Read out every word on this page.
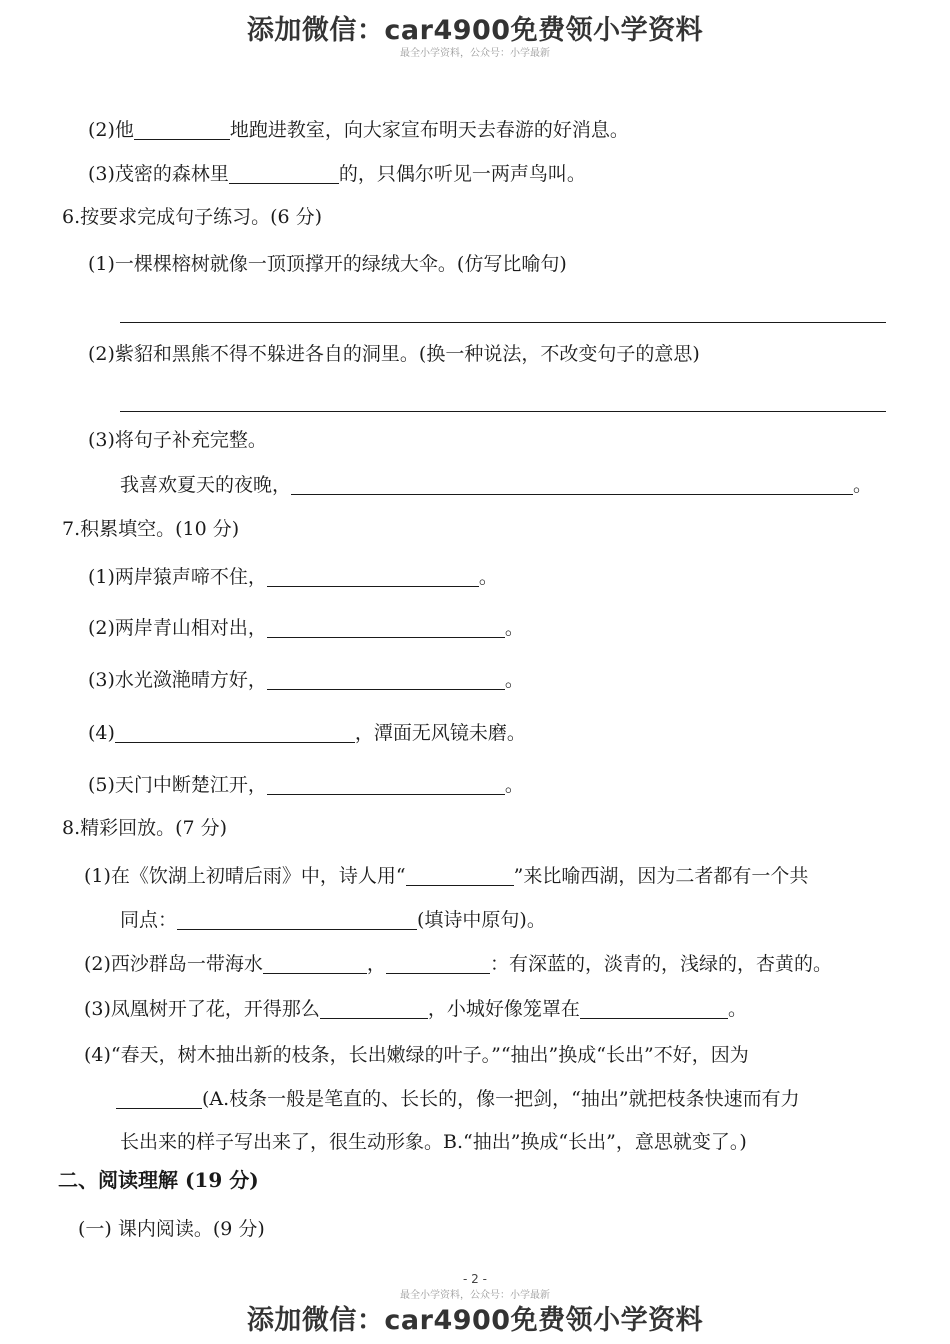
添加微信：car4900免费领小学资料
最全小学资料，公众号：小学最新
(2)他	地跑进教室，向大家宣布明天去春游的好消息。
(3)茂密的森林里	的，只偶尔听见一两声鸟叫。
6.按要求完成句子练习。(6 分)
(1)一棵棵榕树就像一顶顶撑开的绿绒大伞。(仿写比喻句)
(2)紫貂和黑熊不得不躲进各自的洞里。(换一种说法，不改变句子的意思)
(3)将句子补充完整。
我喜欢夏天的夜晚，	。
7.积累填空。(10 分)
(1)两岸猿声啼不住，	。
(2)两岸青山相对出，	。
(3)水光潋滟晴方好，	。
(4)	，潭面无风镜未磨。
(5)天门中断楚江开，	。
8.精彩回放。(7 分)
(1)在《饮湖上初晴后雨》中，诗人用“	”来比喻西湖，因为二者都有一个共
同点：	(填诗中原句)。
(2)西沙群岛一带海水	，	：有深蓝的，淡青的，浅绿的，杏黄的。
(3)凤凰树开了花，开得那么	，小城好像笼罩在	。
(4)“春天，树木抽出新的枝条，长出嫩绿的叶子。”“抽出”换成“长出”不好，因为
(A.枝条一般是笔直的、长长的，像一把剑，“抽出”就把枝条快速而有力
长出来的样子写出来了，很生动形象。B.“抽出”换成“长出”，意思就变了。)
二、阅读理解 (19 分)
(一) 课内阅读。(9 分)
- 2 -
最全小学资料，公众号：小学最新
添加微信：car4900免费领小学资料
